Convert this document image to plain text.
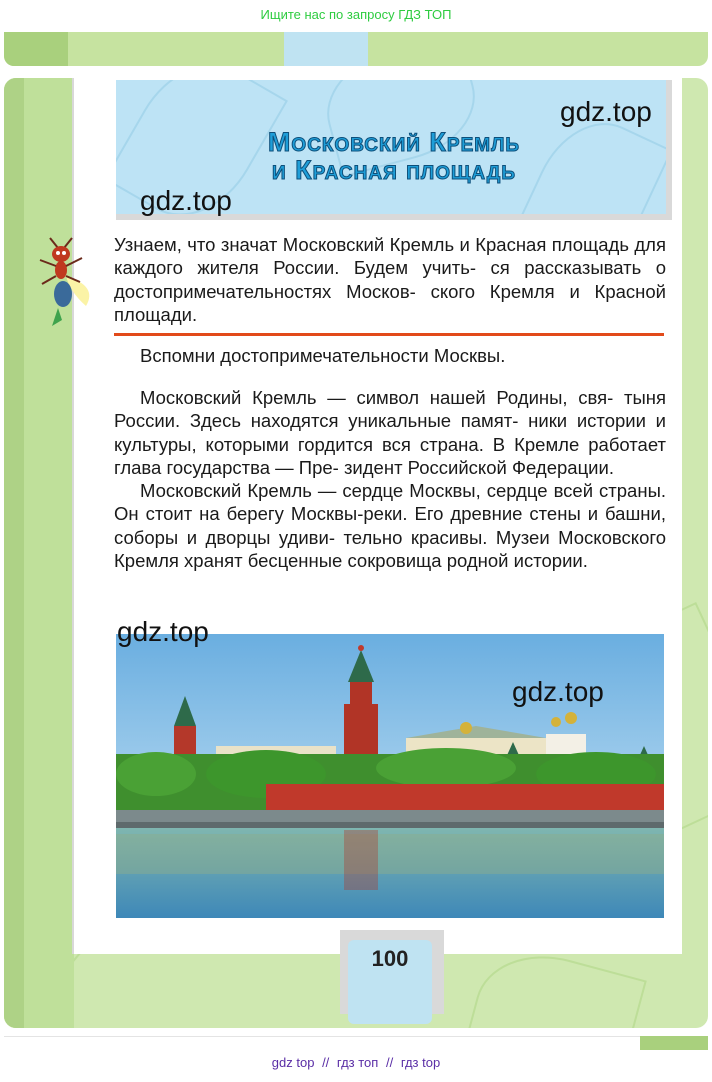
Ищите нас по запросу ГДЗ ТОП
Московский Кремль
и Красная площадь
100
Узнаем, что значат Московский Кремль и Красная площадь для каждого жителя России. Будем учить- ся рассказывать о достопримечательностях Москов- ского Кремля и Красной площади.
Вспомни достопримечательности Москвы.

Московский Кремль — символ нашей Родины, свя- тыня России. Здесь находятся уникальные памят- ники истории и культуры, которыми гордится вся страна. В Кремле работает глава государства — Пре- зидент Российской Федерации.

Московский Кремль — сердце Москвы, сердце всей страны. Он стоит на берегу Москвы-реки. Его древние стены и башни, соборы и дворцы удиви- тельно красивы. Музеи Московского Кремля хранят бесценные сокровища родной истории.

gdz.top
gdz.top
gdz.top
gdz.top
gdz top // гдз топ // гдз top
